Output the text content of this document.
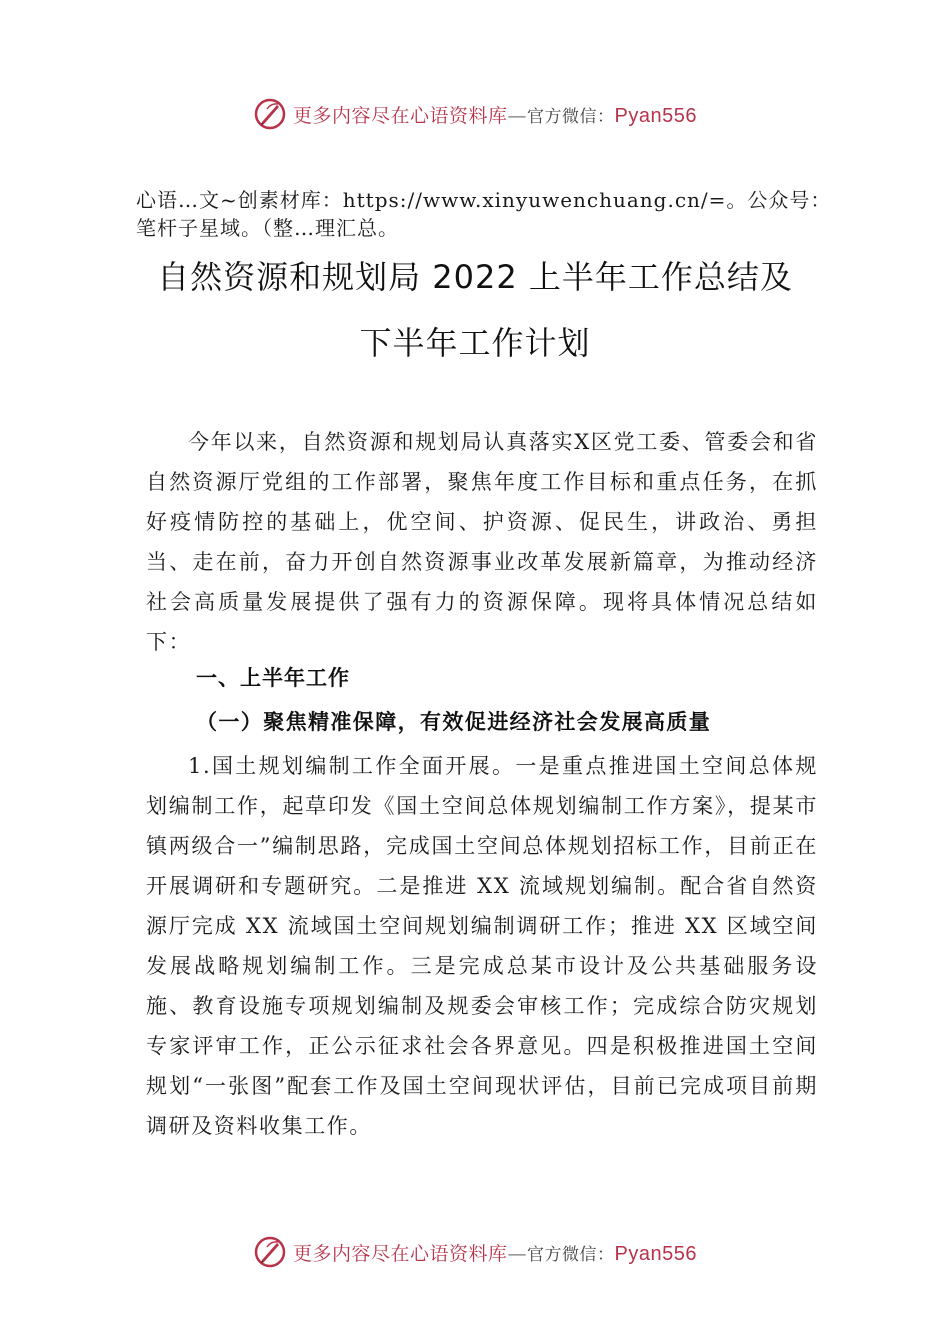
更多内容尽在心语资料库—官方微信：Pyan556
心语…文~创素材库：https://www.xinyuwenchuang.cn/=。公众号：笔杆子星域。（整…理汇总。
自然资源和规划局 2022 上半年工作总结及
下半年工作计划
今年以来，自然资源和规划局认真落实X区党工委、管委会和省自然资源厅党组的工作部署，聚焦年度工作目标和重点任务，在抓好疫情防控的基础上，优空间、护资源、促民生，讲政治、勇担当、走在前，奋力开创自然资源事业改革发展新篇章，为推动经济社会高质量发展提供了强有力的资源保障。现将具体情况总结如下：
一、上半年工作
（一）聚焦精准保障，有效促进经济社会发展高质量
1.国土规划编制工作全面开展。一是重点推进国土空间总体规划编制工作，起草印发《国土空间总体规划编制工作方案》，提某市镇两级合一”编制思路，完成国土空间总体规划招标工作，目前正在开展调研和专题研究。二是推进 XX 流域规划编制。配合省自然资源厅完成 XX 流域国土空间规划编制调研工作；推进 XX 区域空间发展战略规划编制工作。三是完成总某市设计及公共基础服务设施、教育设施专项规划编制及规委会审核工作；完成综合防灾规划专家评审工作，正公示征求社会各界意见。四是积极推进国土空间规划“一张图”配套工作及国土空间现状评估，目前已完成项目前期调研及资料收集工作。
更多内容尽在心语资料库—官方微信：Pyan556
